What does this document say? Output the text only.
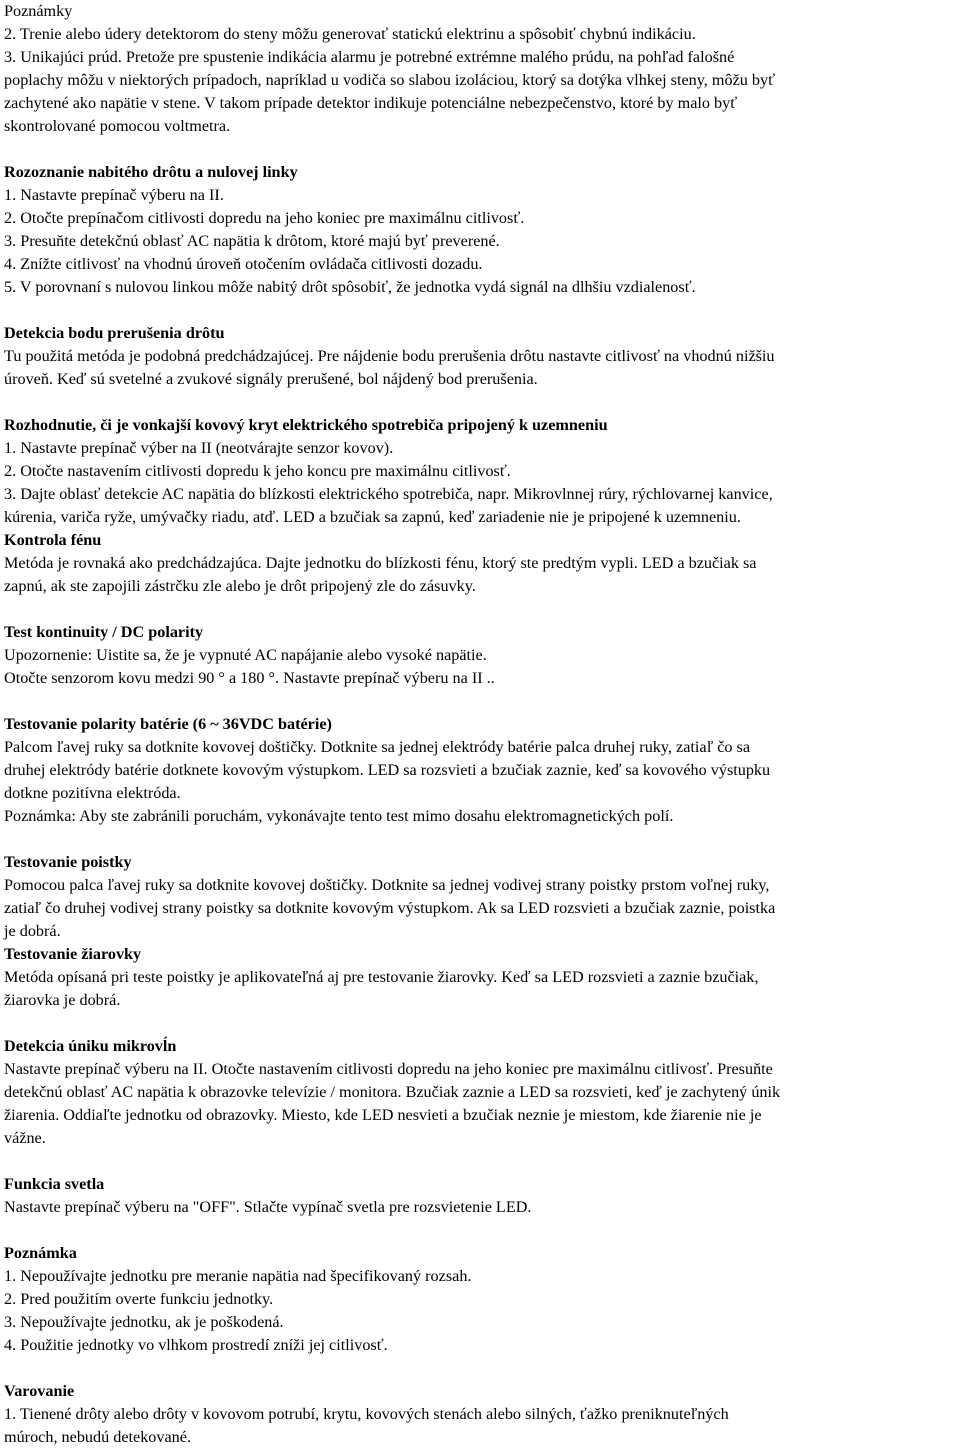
Poznámky
2. Trenie alebo údery detektorom do steny môžu generovať statickú elektrinu a spôsobiť chybnú indikáciu.
3. Unikajúci prúd. Pretože pre spustenie indikácia alarmu je potrebné extrémne malého prúdu, na pohľad falošné
poplachy môžu v niektorých prípadoch, napríklad u vodiča so slabou izoláciou, ktorý sa dotýka vlhkej steny, môžu byť
zachytené ako napätie v stene. V takom prípade detektor indikuje potenciálne nebezpečenstvo, ktoré by malo byť
skontrolované pomocou voltmetra.
Rozoznanie nabitého drôtu a nulovej linky
1. Nastavte prepínač výberu na II.
2. Otočte prepínačom citlivosti dopredu na jeho koniec pre maximálnu citlivosť.
3. Presuňte detekčnú oblasť AC napätia k drôtom, ktoré majú byť preverené.
4. Znížte citlivosť na vhodnú úroveň otočením ovládača citlivosti dozadu.
5. V porovnaní s nulovou linkou môže nabitý drôt spôsobiť, že jednotka vydá signál na dlhšiu vzdialenosť.
Detekcia bodu prerušenia drôtu
Tu použitá metóda je podobná predchádzajúcej. Pre nájdenie bodu prerušenia drôtu nastavte citlivosť na vhodnú nižšiu
úroveň. Keď sú svetelné a zvukové signály prerušené, bol nájdený bod prerušenia.
Rozhodnutie, či je vonkajší kovový kryt elektrického spotrebiča pripojený k uzemneniu
1. Nastavte prepínač výber na II (neotvárajte senzor kovov).
2. Otočte nastavením citlivosti dopredu k jeho koncu pre maximálnu citlivosť.
3. Dajte oblasť detekcie AC napätia do blízkosti elektrického spotrebiča, napr. Mikrovlnnej rúry, rýchlovarnej kanvice,
kúrenia, variča ryže, umývačky riadu, atď. LED a bzučiak sa zapnú, keď zariadenie nie je pripojené k uzemneniu.
Kontrola fénu
Metóda je rovnaká ako predchádzajúca. Dajte jednotku do blízkosti fénu, ktorý ste predtým vypli. LED a bzučiak sa
zapnú, ak ste zapojili zástrčku zle alebo je drôt pripojený zle do zásuvky.
Test kontinuity / DC polarity
Upozornenie: Uistite sa, že je vypnuté AC napájanie alebo vysoké napätie.
Otočte senzorom kovu medzi 90 ° a 180 °. Nastavte prepínač výberu na II ..
Testovanie polarity batérie (6 ~ 36VDC batérie)
Palcom ľavej ruky sa dotknite kovovej doštičky. Dotknite sa jednej elektródy batérie palca druhej ruky, zatiaľ čo sa
druhej elektródy batérie dotknete kovovým výstupkom. LED sa rozsvieti a bzučiak zaznie, keď sa kovového výstupku
dotkne pozitívna elektróda.
Poznámka: Aby ste zabránili poruchám, vykonávajte tento test mimo dosahu elektromagnetických polí.
Testovanie poistky
Pomocou palca ľavej ruky sa dotknite kovovej doštičky. Dotknite sa jednej vodivej strany poistky prstom voľnej ruky,
zatiaľ čo druhej vodivej strany poistky sa dotknite kovovým výstupkom. Ak sa LED rozsvieti a bzučiak zaznie, poistka
je dobrá.
Testovanie žiarovky
Metóda opísaná pri teste poistky je aplikovateľná aj pre testovanie žiarovky. Keď sa LED rozsvieti a zaznie bzučiak,
žiarovka je dobrá.
Detekcia úniku mikrovĺn
Nastavte prepínač výberu na II. Otočte nastavením citlivosti dopredu na jeho koniec pre maximálnu citlivosť. Presuňte
detekčnú oblasť AC napätia k obrazovke televízie / monitora. Bzučiak zaznie a LED sa rozsvieti, keď je zachytený únik
žiarenia. Oddiaľte jednotku od obrazovky. Miesto, kde LED nesvieti a bzučiak neznie je miestom, kde žiarenie nie je
vážne.
Funkcia svetla
Nastavte prepínač výberu na "OFF". Stlačte vypínač svetla pre rozsvietenie LED.
Poznámka
1. Nepoužívajte jednotku pre meranie napätia nad špecifikovaný rozsah.
2. Pred použitím overte funkciu jednotky.
3. Nepoužívajte jednotku, ak je poškodená.
4. Použitie jednotky vo vlhkom prostredí zníži jej citlivosť.
Varovanie
1. Tienené drôty alebo drôty v kovovom potrubí, krytu, kovových stenách alebo silných, ťažko preniknuteľných
múroch, nebudú detekované.
